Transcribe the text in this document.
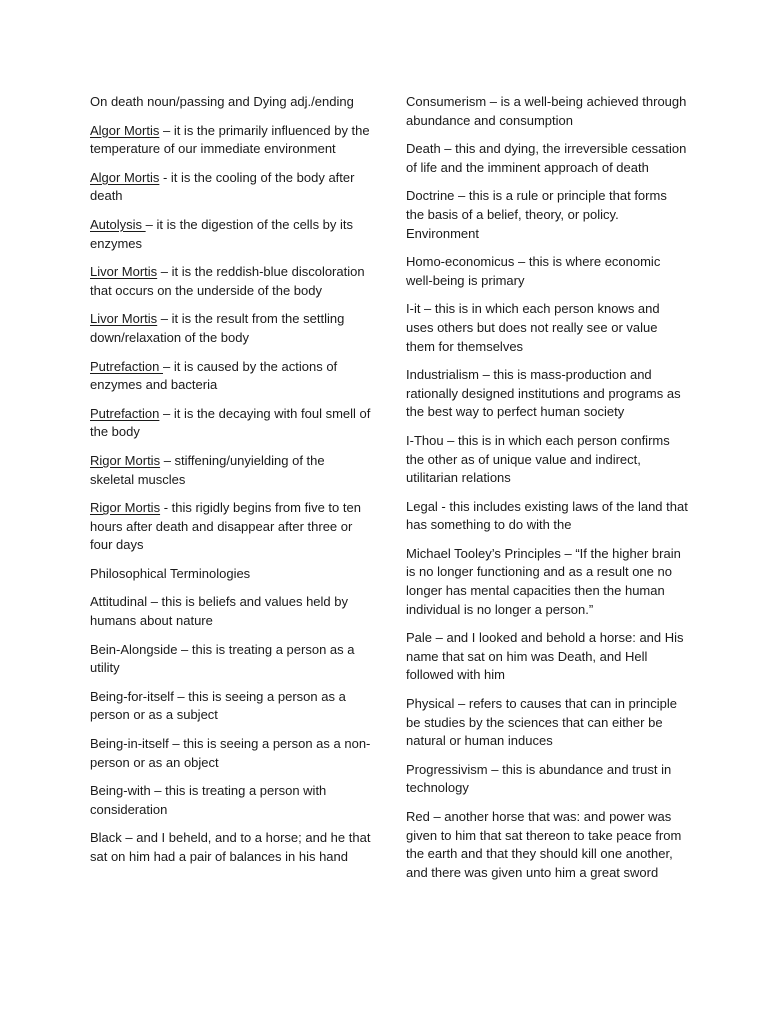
On death noun/passing and Dying adj./ending
Algor Mortis – it is the primarily influenced by the temperature of our immediate environment
Algor Mortis - it is the cooling of the body after death
Autolysis – it is the digestion of the cells by its enzymes
Livor Mortis – it is the reddish-blue discoloration that occurs on the underside of the body
Livor Mortis – it is the result from the settling down/relaxation of the body
Putrefaction – it is caused by the actions of enzymes and bacteria
Putrefaction – it is the decaying with foul smell of the body
Rigor Mortis – stiffening/unyielding of the skeletal muscles
Rigor Mortis - this rigidly begins from five to ten hours after death and disappear after three or four days
Philosophical Terminologies
Attitudinal – this is beliefs and values held by humans about nature
Bein-Alongside – this is treating a person as a utility
Being-for-itself – this is seeing a person as a person or as a subject
Being-in-itself – this is seeing a person as a non-person or as an object
Being-with – this is treating a person with consideration
Black – and I beheld, and to a horse; and he that sat on him had a pair of balances in his hand
Consumerism – is a well-being achieved through abundance and consumption
Death – this and dying, the irreversible cessation of life and the imminent approach of death
Doctrine – this is a rule or principle that forms the basis of a belief, theory, or policy. Environment
Homo-economicus – this is where economic well-being is primary
I-it – this is in which each person knows and uses others but does not really see or value them for themselves
Industrialism – this is mass-production and rationally designed institutions and programs as the best way to perfect human society
I-Thou – this is in which each person confirms the other as of unique value and indirect, utilitarian relations
Legal - this includes existing laws of the land that has something to do with the
Michael Tooley’s Principles – “If the higher brain is no longer functioning and as a result one no longer has mental capacities then the human individual is no longer a person.”
Pale – and I looked and behold a horse: and His name that sat on him was Death, and Hell followed with him
Physical – refers to causes that can in principle be studies by the sciences that can either be natural or human induces
Progressivism – this is abundance and trust in technology
Red – another horse that was: and power was given to him that sat thereon to take peace from the earth and that they should kill one another, and there was given unto him a great sword
